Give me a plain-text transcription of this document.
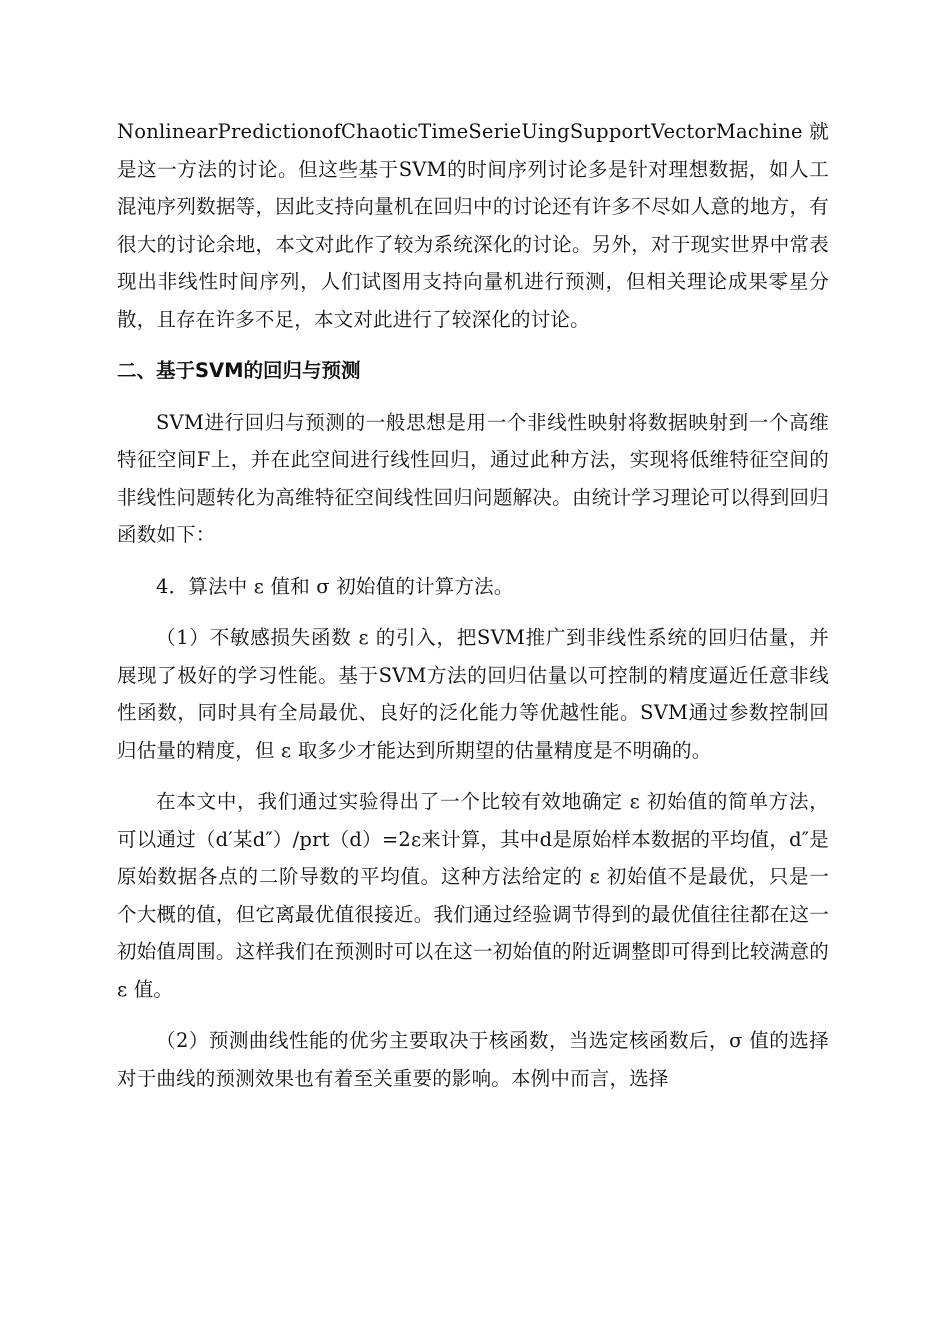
NonlinearPredictionofChaoticTimeSerieUingSupportVectorMachine就是这一方法的讨论。但这些基于SVM的时间序列讨论多是针对理想数据，如人工混沌序列数据等，因此支持向量机在回归中的讨论还有许多不尽如人意的地方，有很大的讨论余地，本文对此作了较为系统深化的讨论。另外，对于现实世界中常表现出非线性时间序列，人们试图用支持向量机进行预测，但相关理论成果零星分散，且存在许多不足，本文对此进行了较深化的讨论。

二、基于SVM的回归与预测

SVM进行回归与预测的一般思想是用一个非线性映射将数据映射到一个高维特征空间F上，并在此空间进行线性回归，通过此种方法，实现将低维特征空间的非线性问题转化为高维特征空间线性回归问题解决。由统计学习理论可以得到回归函数如下：

4．算法中 ε 值和 σ 初始值的计算方法。

（1）不敏感损失函数 ε 的引入，把SVM推广到非线性系统的回归估量，并展现了极好的学习性能。基于SVM方法的回归估量以可控制的精度逼近任意非线性函数，同时具有全局最优、良好的泛化能力等优越性能。SVM通过参数控制回归估量的精度，但 ε 取多少才能达到所期望的估量精度是不明确的。

在本文中，我们通过实验得出了一个比较有效地确定 ε 初始值的简单方法，可以通过（d′某d″）/prt（d）=2ε来计算，其中d是原始样本数据的平均值，d″是原始数据各点的二阶导数的平均值。这种方法给定的 ε 初始值不是最优，只是一个大概的值，但它离最优值很接近。我们通过经验调节得到的最优值往往都在这一初始值周围。这样我们在预测时可以在这一初始值的附近调整即可得到比较满意的 ε 值。

（2）预测曲线性能的优劣主要取决于核函数，当选定核函数后，σ 值的选择对于曲线的预测效果也有着至关重要的影响。本例中而言，选择
